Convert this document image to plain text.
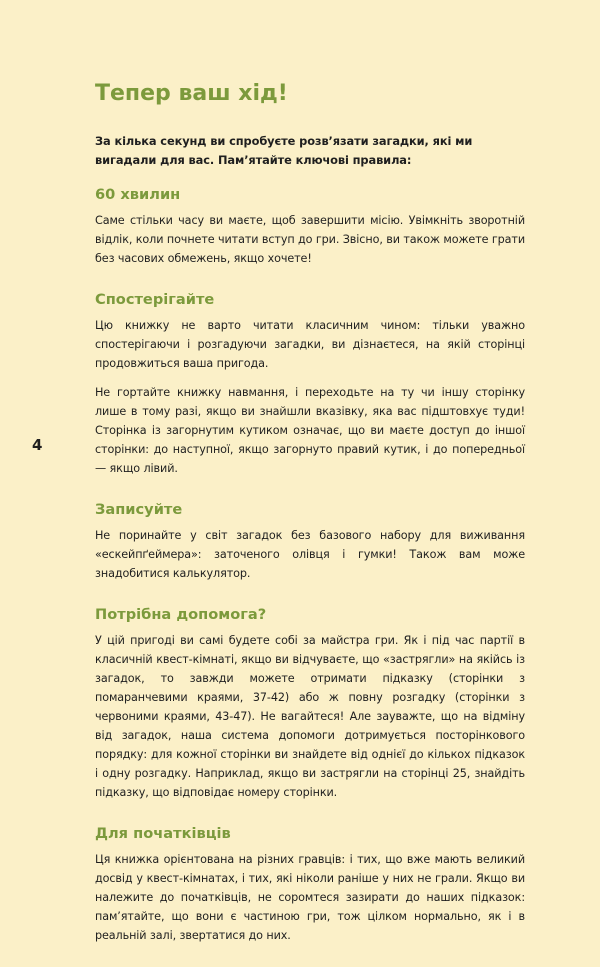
4
Тепер ваш хід!

За кілька секунд ви спробуєте розв’язати загадки, які ми вигадали для вас. Пам’ятайте ключові правила:

60 хвилин

Саме стільки часу ви маєте, щоб завершити місію. Увімкніть зворотній відлік, коли почнете читати вступ до гри. Звісно, ви також можете грати без часових обмежень, якщо хочете!

Спостерігайте

Цю книжку не варто читати класичним чином: тільки уважно спостерігаючи і розгадуючи загадки, ви дізнаєтеся, на якій сторінці продовжиться ваша пригода.

Не гортайте книжку навмання, і переходьте на ту чи іншу сторінку лише в тому разі, якщо ви знайшли вказівку, яка вас підштовхує туди! Сторінка із загорнутим кутиком означає, що ви маєте доступ до іншої сторінки: до наступної, якщо загорнуто правий кутик, і до попередньої — якщо лівий.

Записуйте

Не поринайте у світ загадок без базового набору для виживання «ескейпґеймера»: заточеного олівця і гумки! Також вам може знадобитися калькулятор.

Потрібна допомога?

У цій пригоді ви самі будете собі за майстра гри. Як і під час партії в класичній квест-кімнаті, якщо ви відчуваєте, що «застрягли» на якійсь із загадок, то завжди можете отримати підказку (сторінки з помаранчевими краями, 37-42) або ж повну розгадку (сторінки з червоними краями, 43-47). Не вагайтеся! Але зауважте, що на відміну від загадок, наша система допомоги дотримується посторінкового порядку: для кожної сторінки ви знайдете від однієї до кількох підказок і одну розгадку. Наприклад, якщо ви застрягли на сторінці 25, знайдіть підказку, що відповідає номеру сторінки.

Для початківців

Ця книжка орієнтована на різних гравців: і тих, що вже мають великий досвід у квест-кімнатах, і тих, які ніколи раніше у них не грали. Якщо ви належите до початківців, не соромтеся зазирати до наших підказок: пам’ятайте, що вони є частиною гри, тож цілком нормально, як і в реальній залі, звертатися до них.
